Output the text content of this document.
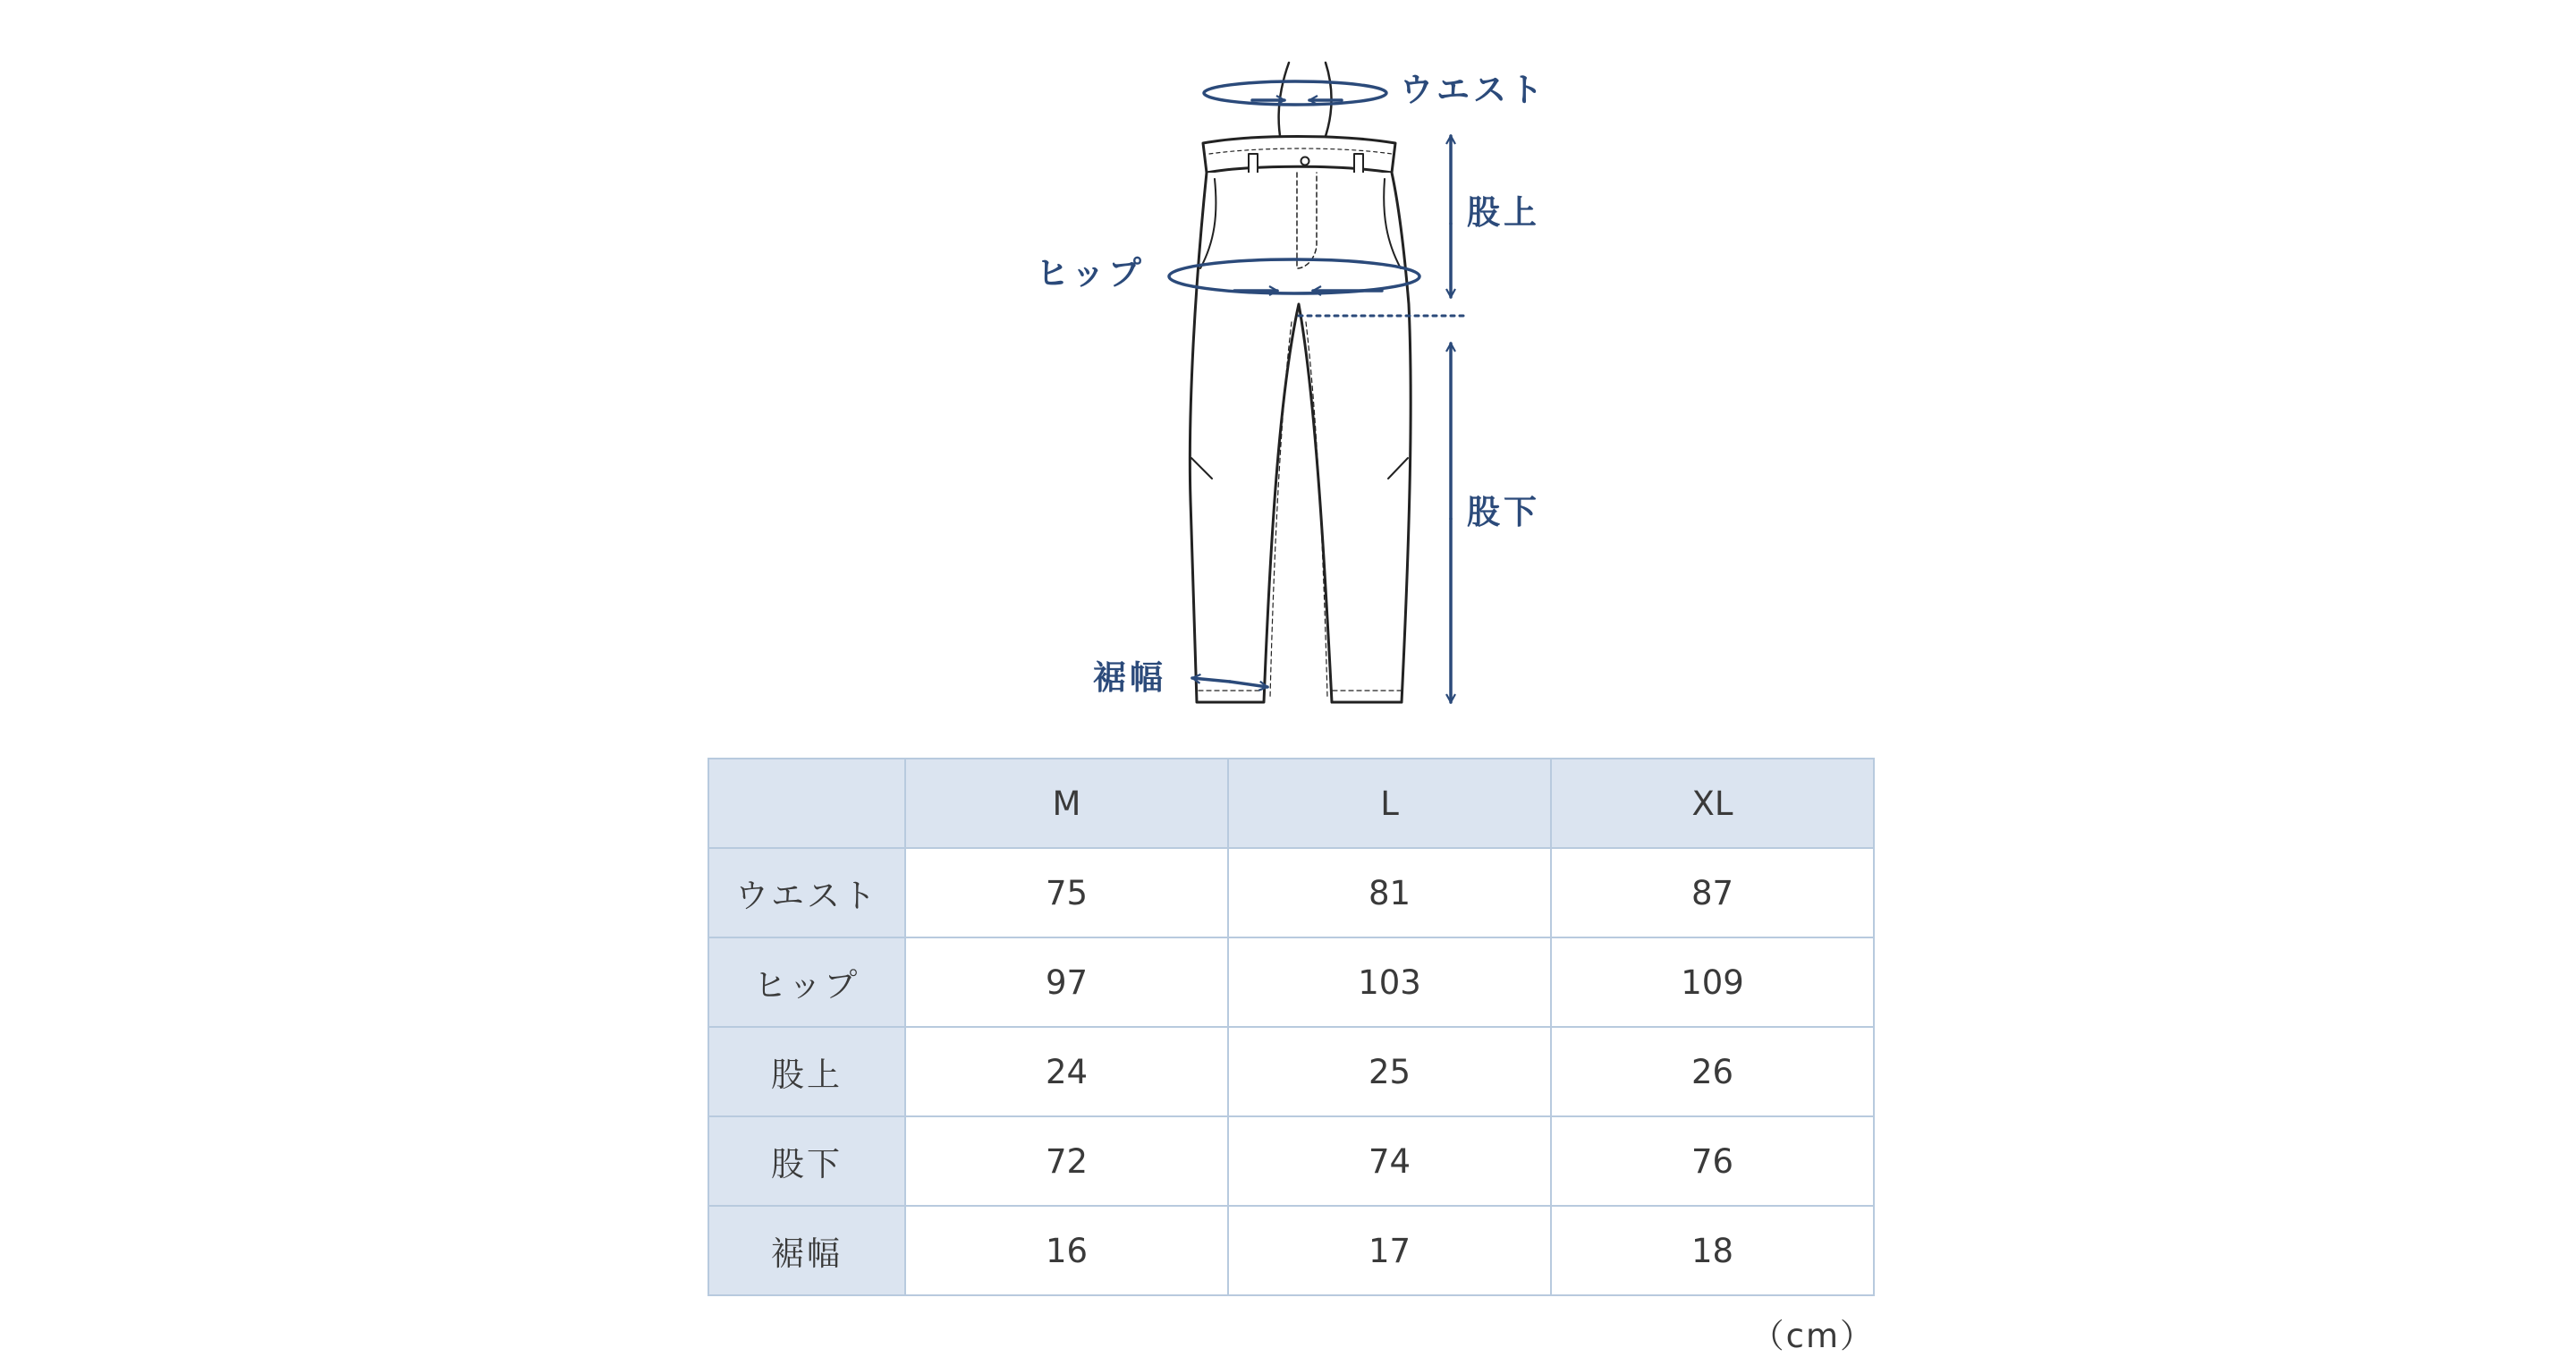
ウエスト
股上
ヒップ
股下
裾幅
	M	L	XL
ウエスト	75	81	87
ヒップ	97	103	109
股上	24	25	26
股下	72	74	76
裾幅	16	17	18
（cm）
